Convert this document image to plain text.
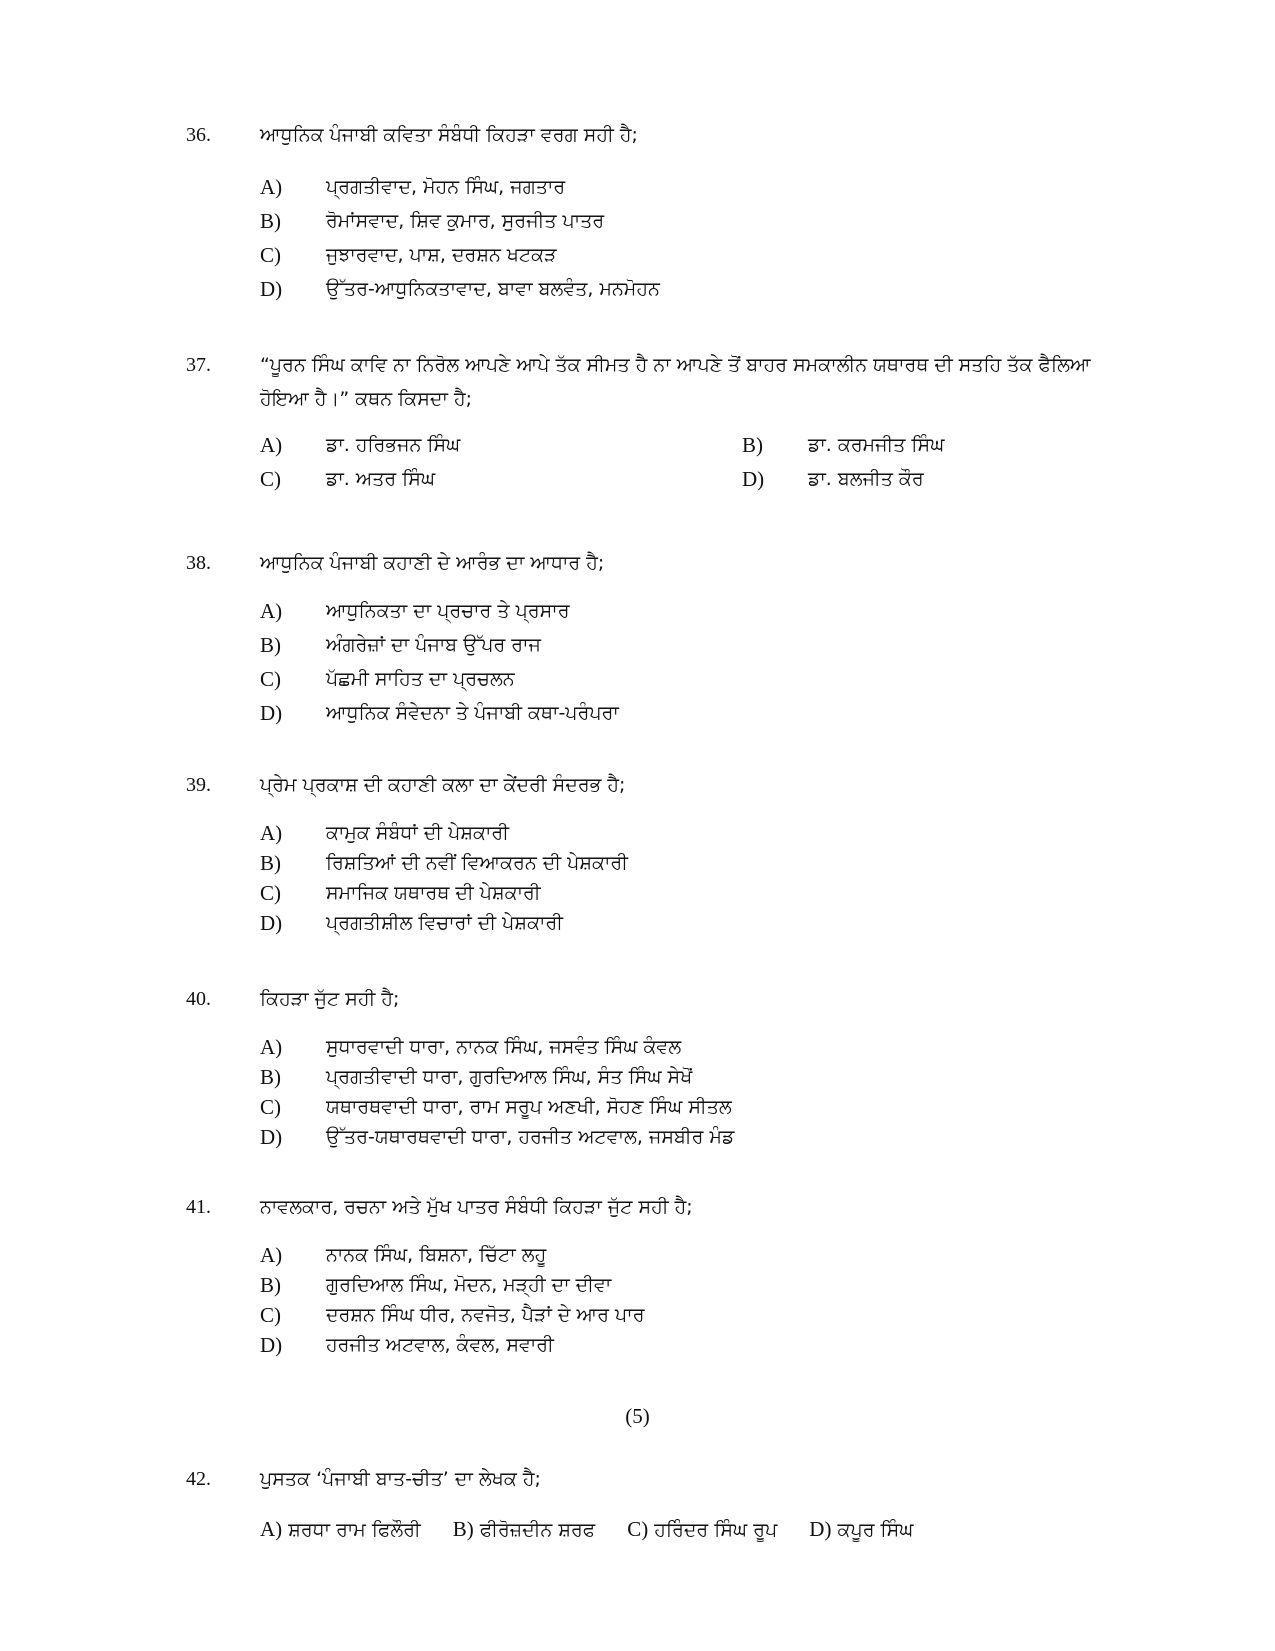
36.	ਆਧੁਨਿਕ ਪੰਜਾਬੀ ਕਵਿਤਾ ਸੰਬੰਧੀ ਕਿਹੜਾ ਵਰਗ ਸਹੀ ਹੈ;
A) ਪ੍ਰਗਤੀਵਾਦ, ਮੋਹਨ ਸਿੰਘ, ਜਗਤਾਰ
B) ਰੋਮਾਂਸਵਾਦ, ਸ਼ਿਵ ਕੁਮਾਰ, ਸੁਰਜੀਤ ਪਾਤਰ
C) ਜੁਝਾਰਵਾਦ, ਪਾਸ਼, ਦਰਸ਼ਨ ਖਟਕੜ
D) ਉੱਤਰ-ਆਧੁਨਿਕਤਾਵਾਦ, ਬਾਵਾ ਬਲਵੰਤ, ਮਨਮੋਹਨ
37.	“ਪੂਰਨ ਸਿੰਘ ਕਾਵਿ ਨਾ ਨਿਰੋਲ ਆਪਣੇ ਆਪੇ ਤੱਕ ਸੀਮਤ ਹੈ ਨਾ ਆਪਣੇ ਤੋਂ ਬਾਹਰ ਸਮਕਾਲੀਨ ਯਥਾਰਥ ਦੀ ਸਤਹਿ ਤੱਕ ਫੈਲਿਆ ਹੋਇਆ ਹੈ।” ਕਥਨ ਕਿਸਦਾ ਹੈ;
A) ਡਾ. ਹਰਿਭਜਨ ਸਿੰਘ	B) ਡਾ. ਕਰਮਜੀਤ ਸਿੰਘ
C) ਡਾ. ਅਤਰ ਸਿੰਘ	D) ਡਾ. ਬਲਜੀਤ ਕੌਰ
38.	ਆਧੁਨਿਕ ਪੰਜਾਬੀ ਕਹਾਣੀ ਦੇ ਆਰੰਭ ਦਾ ਆਧਾਰ ਹੈ;
A) ਆਧੁਨਿਕਤਾ ਦਾ ਪ੍ਰਚਾਰ ਤੇ ਪ੍ਰਸਾਰ
B) ਅੰਗਰੇਜ਼ਾਂ ਦਾ ਪੰਜਾਬ ਉੱਪਰ ਰਾਜ
C) ਪੱਛਮੀ ਸਾਹਿਤ ਦਾ ਪ੍ਰਚਲਨ
D) ਆਧੁਨਿਕ ਸੰਵੇਦਨਾ ਤੇ ਪੰਜਾਬੀ ਕਥਾ-ਪਰੰਪਰਾ
39.	ਪ੍ਰੇਮ ਪ੍ਰਕਾਸ਼ ਦੀ ਕਹਾਣੀ ਕਲਾ ਦਾ ਕੇਂਦਰੀ ਸੰਦਰਭ ਹੈ;
A) ਕਾਮੁਕ ਸੰਬੰਧਾਂ ਦੀ ਪੇਸ਼ਕਾਰੀ
B) ਰਿਸ਼ਤਿਆਂ ਦੀ ਨਵੀਂ ਵਿਆਕਰਨ ਦੀ ਪੇਸ਼ਕਾਰੀ
C) ਸਮਾਜਿਕ ਯਥਾਰਥ ਦੀ ਪੇਸ਼ਕਾਰੀ
D) ਪ੍ਰਗਤੀਸ਼ੀਲ ਵਿਚਾਰਾਂ ਦੀ ਪੇਸ਼ਕਾਰੀ
40.	ਕਿਹੜਾ ਜੁੱਟ ਸਹੀ ਹੈ;
A) ਸੁਧਾਰਵਾਦੀ ਧਾਰਾ, ਨਾਨਕ ਸਿੰਘ, ਜਸਵੰਤ ਸਿੰਘ ਕੰਵਲ
B) ਪ੍ਰਗਤੀਵਾਦੀ ਧਾਰਾ, ਗੁਰਦਿਆਲ ਸਿੰਘ, ਸੰਤ ਸਿੰਘ ਸੇਖੋਂ
C) ਯਥਾਰਥਵਾਦੀ ਧਾਰਾ, ਰਾਮ ਸਰੂਪ ਅਣਖੀ, ਸੋਹਣ ਸਿੰਘ ਸੀਤਲ
D) ਉੱਤਰ-ਯਥਾਰਥਵਾਦੀ ਧਾਰਾ, ਹਰਜੀਤ ਅਟਵਾਲ, ਜਸਬੀਰ ਮੰਡ
41.	ਨਾਵਲਕਾਰ, ਰਚਨਾ ਅਤੇ ਮੁੱਖ ਪਾਤਰ ਸੰਬੰਧੀ ਕਿਹੜਾ ਜੁੱਟ ਸਹੀ ਹੈ;
A) ਨਾਨਕ ਸਿੰਘ, ਬਿਸ਼ਨਾ, ਚਿੱਟਾ ਲਹੂ
B) ਗੁਰਦਿਆਲ ਸਿੰਘ, ਮੋਦਨ, ਮੜ੍ਹੀ ਦਾ ਦੀਵਾ
C) ਦਰਸ਼ਨ ਸਿੰਘ ਧੀਰ, ਨਵਜੋਤ, ਪੈੜਾਂ ਦੇ ਆਰ ਪਾਰ
D) ਹਰਜੀਤ ਅਟਵਾਲ, ਕੰਵਲ, ਸਵਾਰੀ
(5)
42.	ਪੁਸਤਕ ‘ਪੰਜਾਬੀ ਬਾਤ-ਚੀਤ’ ਦਾ ਲੇਖਕ ਹੈ;
A) ਸ਼ਰਧਾ ਰਾਮ ਫਿਲੌਰੀ B) ਫੀਰੋਜ਼ਦੀਨ ਸ਼ਰਫ C) ਹਰਿੰਦਰ ਸਿੰਘ ਰੂਪ D) ਕਪੂਰ ਸਿੰਘ
